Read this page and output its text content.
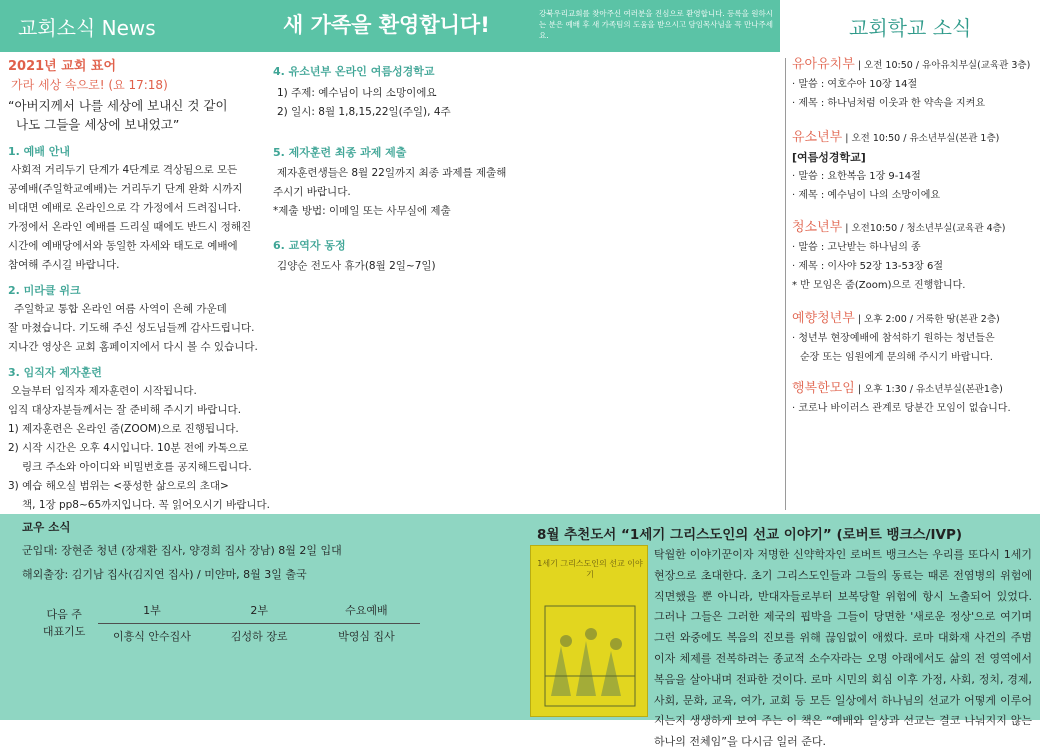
교회소식 News	새 가족을 환영합니다!	강북우리교회를 찾아주신 여러분을 진심으로 환영합니다. 등록을 원하시는 분은 예배 후 새 가족팀의 도움을 받으시고 담임목사님을 꼭 만나주세요.	교회학교 소식
2021년 교회 표어
가라 세상 속으로! (요 17:18)
“아버지께서 나를 세상에 보내신 것 같이
나도 그들을 세상에 보내었고”
1. 예배 안내
사회적 거리두기 단계가 4단계로 격상됨으로 모든
공예배(주일학교예배)는 거리두기 단계 완화 시까지
비대면 예배로 온라인으로 각 가정에서 드려집니다.
가정에서 온라인 예배를 드리실 때에도 반드시 정해진
시간에 예배당에서와 동일한 자세와 태도로 예배에
참여해 주시길 바랍니다.
2. 미라클 위크
주일학교 통합 온라인 여름 사역이 은혜 가운데
잘 마쳤습니다. 기도해 주신 성도님들께 감사드립니다.
지나간 영상은 교회 홈페이지에서 다시 볼 수 있습니다.
3. 임직자 제자훈련
오늘부터 임직자 제자훈련이 시작됩니다.
임직 대상자분들께서는 잘 준비해 주시기 바랍니다.
1) 제자훈련은 온라인 줌(ZOOM)으로 진행됩니다.
2) 시작 시간은 오후 4시입니다. 10분 전에 카톡으로
링크 주소와 아이디와 비밀번호를 공지해드립니다.
3) 예습 해오실 범위는 <풍성한 삶으로의 초대>
책, 1장 pp8~65까지입니다. 꼭 읽어오시기 바랍니다.
4. 유소년부 온라인 여름성경학교
1) 주제: 예수님이 나의 소망이에요
2) 일시: 8월 1,8,15,22일(주일), 4주
5. 제자훈련 최종 과제 제출
제자훈련생들은 8월 22일까지 최종 과제를 제출해
주시기 바랍니다.
*제출 방법: 이메일 또는 사무실에 제출
6. 교역자 동정
김양순 전도사 휴가(8월 2일~7일)
유아유치부 | 오전 10:50 / 유아유치부실(교육관 3층)
· 말씀 : 여호수아 10장 14절
· 제목 : 하나님처럼 이웃과 한 약속을 지켜요
유소년부 | 오전 10:50 / 유소년부실(본관 1층)
[여름성경학교]
· 말씀 : 요한복음 1장 9-14절
· 제목 : 예수님이 나의 소망이에요
청소년부 | 오전10:50 / 청소년부실(교육관 4층)
· 말씀 : 고난받는 하나님의 종
· 제목 : 이사야 52장 13-53장 6절
* 반 모임은 줌(Zoom)으로 진행합니다.
예향청년부 | 오후 2:00 / 거룩한 땅(본관 2층)
· 청년부 현장예배에 참석하기 원하는 청년들은
순장 또는 임원에게 문의해 주시기 바랍니다.
행복한모임 | 오후 1:30 / 유소년부실(본관1층)
· 코로나 바이러스 관계로 당분간 모임이 없습니다.
교우 소식
군입대: 장현준 청년 (장재환 집사, 양경희 집사 장남) 8월 2일 입대
해외출장: 김기남 집사(김지연 집사) / 미얀마, 8월 3일 출국
다음 주
대표기도	1부	2부	수요예배
	이흥식 안수집사	김성하 장로	박영심 집사
8월 추천도서 “1세기 그리스도인의 선교 이야기” (로버트 뱅크스/IVP)
1세기 그리스도인의 선교 이야기
탁월한 이야기꾼이자 저명한 신약학자인 로버트 뱅크스는 우리를 또다시 1세기 현장으로 초대한다. 초기 그리스도인들과 그들의 동료는 때론 전염병의 위험에 직면했을 뿐 아니라, 반대자들로부터 보복당할 위험에 항시 노출되어 있었다. 그러나 그들은 그러한 제국의 핍박을 그들이 당면한 '새로운 정상'으로 여기며 그런 와중에도 복음의 진보를 위해 끊임없이 애썼다. 로마 대화재 사건의 주범이자 체제를 전복하려는 종교적 소수자라는 오명 아래에서도 삶의 전 영역에서 복음을 살아내며 전파한 것이다. 로마 시민의 회심 이후 가정, 사회, 정치, 경제, 사회, 문화, 교육, 여가, 교회 등 모든 일상에서 하나님의 선교가 어떻게 이루어지는지 생생하게 보여 주는 이 책은 “예배와 일상과 선교는 결코 나눠지지 않는 하나의 전체임”을 다시금 일러 준다.
